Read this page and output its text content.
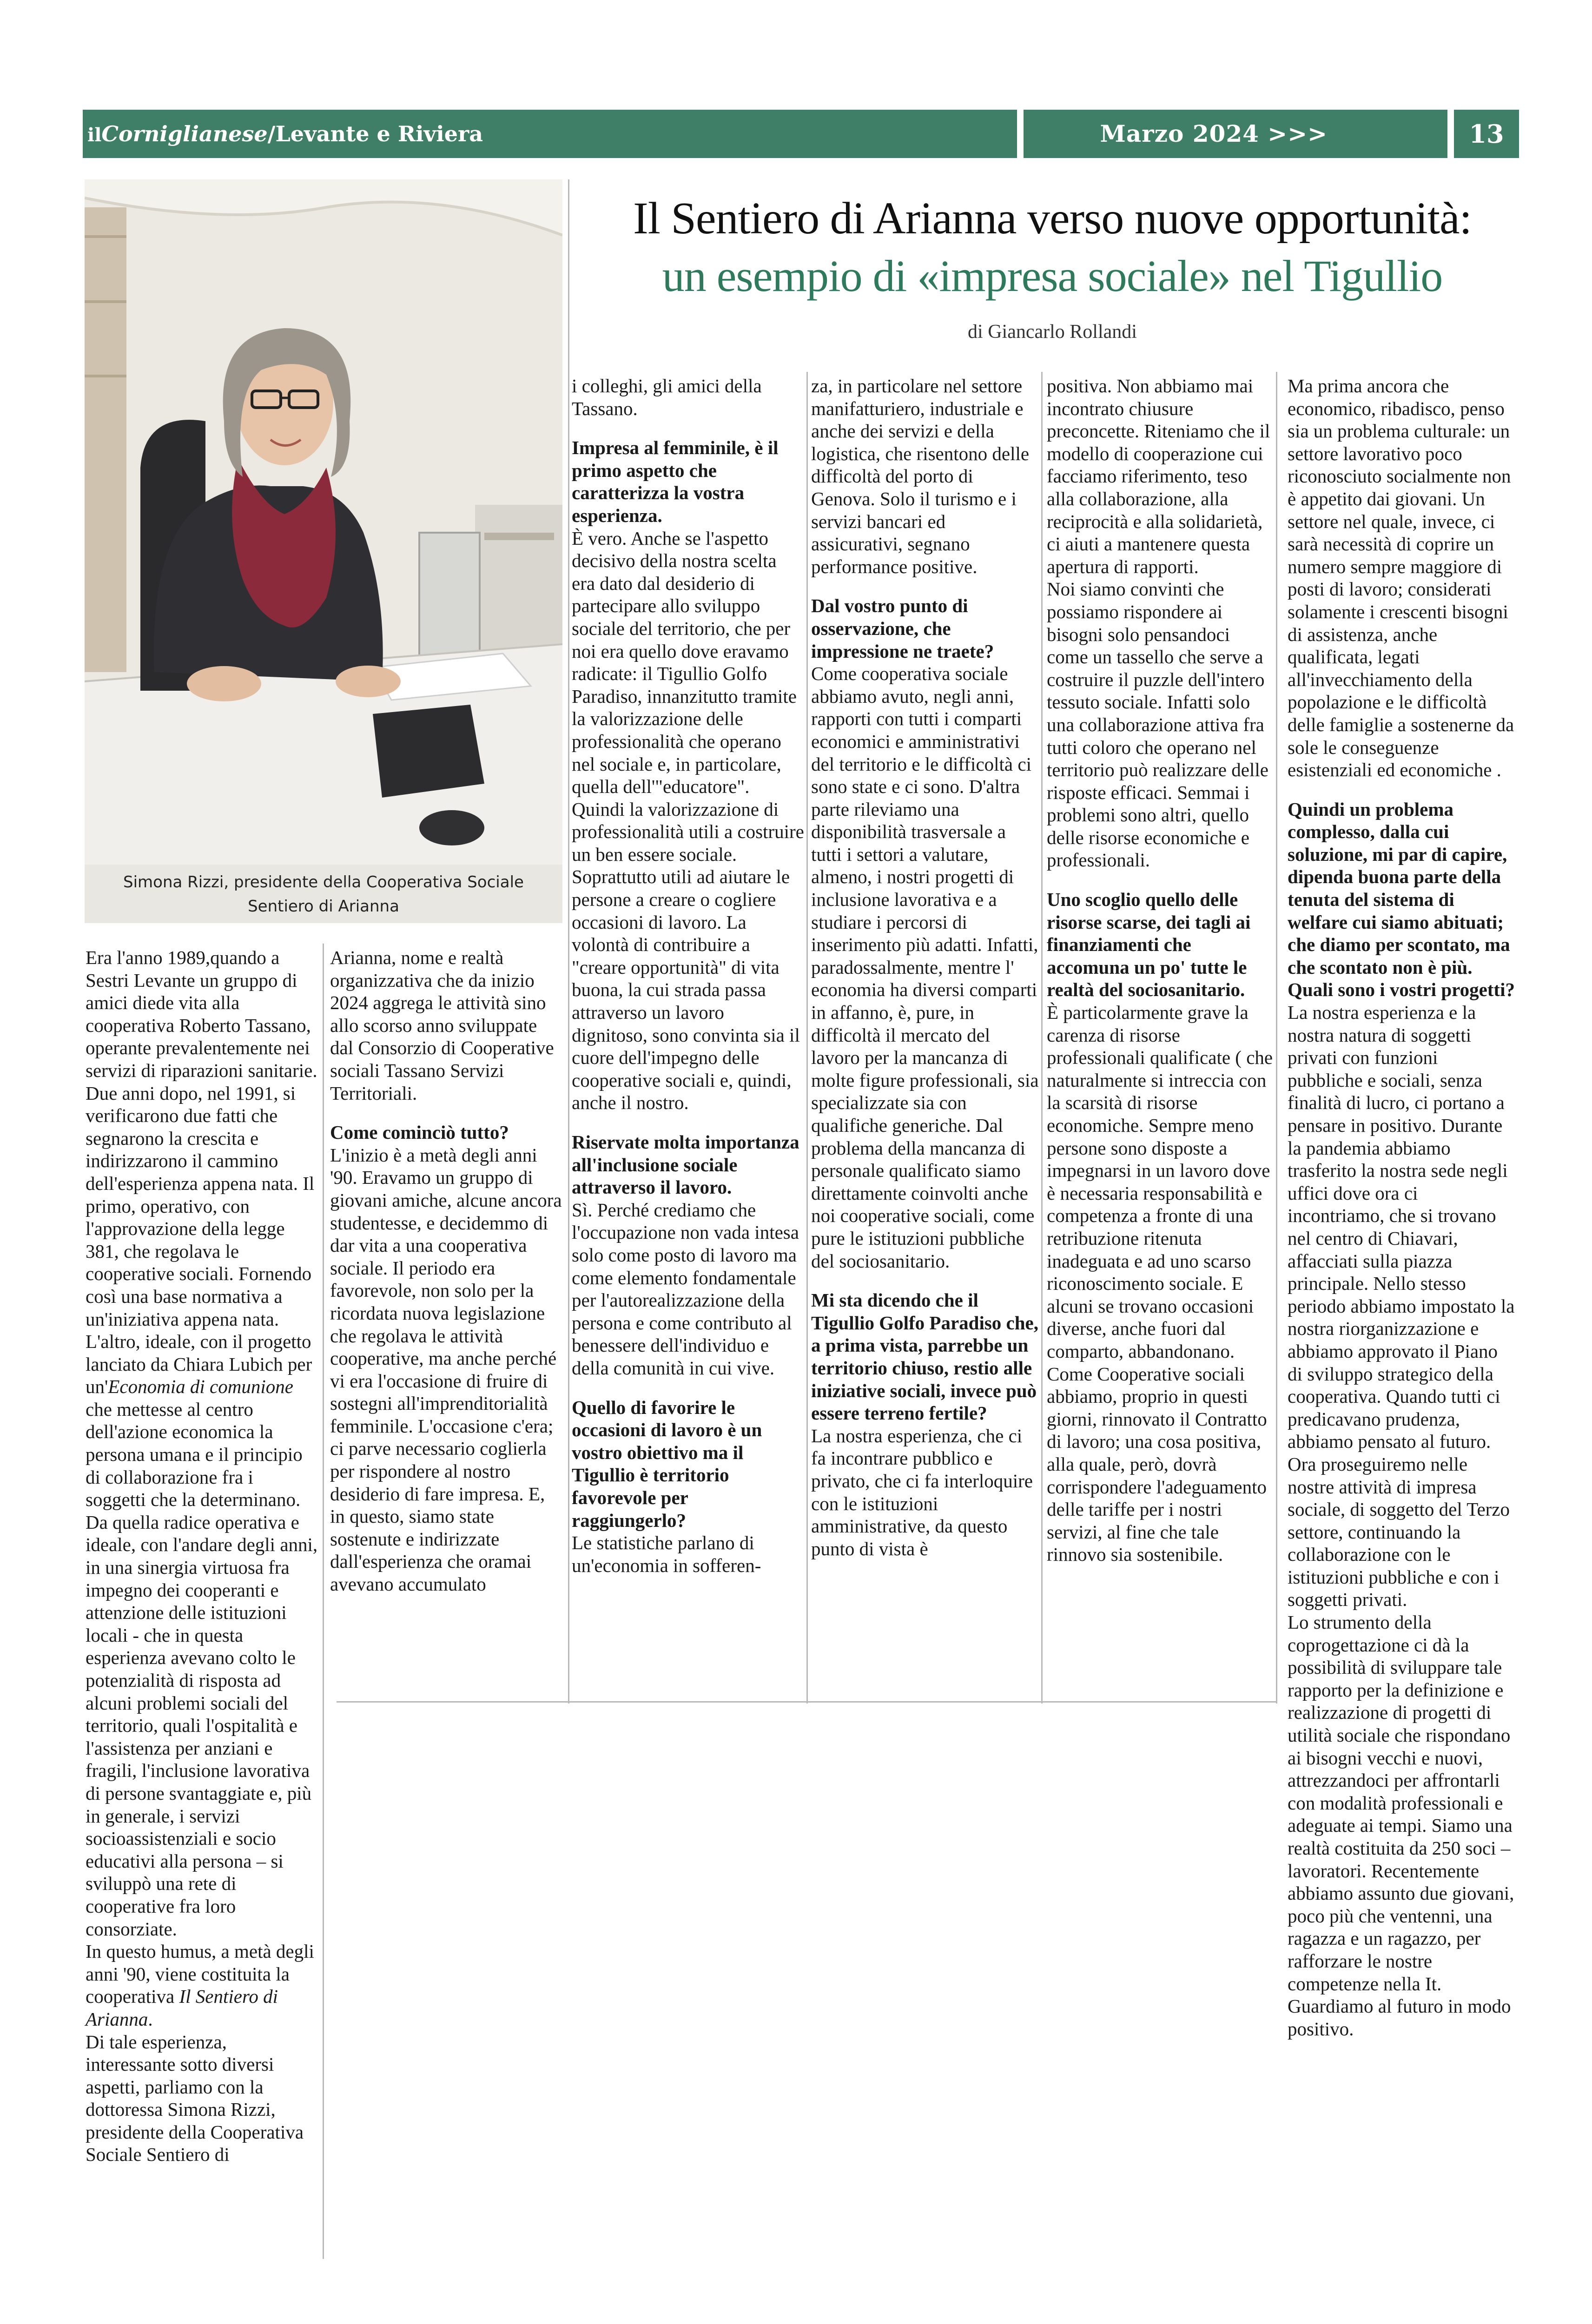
ilCorniglianese/Levante e Riviera	Marzo 2024 >>>	13
Simona Rizzi, presidente della Cooperativa Sociale
Sentiero di Arianna
Il Sentiero di Arianna verso nuove opportunità:
un esempio di «impresa sociale» nel Tigullio
di Giancarlo Rollandi

Era l'anno 1989,quando a Sestri Levante un gruppo di amici diede vita alla cooperativa Roberto Tassano, operante prevalentemente nei servizi di riparazioni sanitarie. Due anni dopo, nel 1991, si verificarono due fatti che segnarono la crescita e indirizzarono il cammino dell'esperienza appena nata. Il primo, operativo, con l'approvazione della legge 381, che regolava le cooperative sociali. Fornendo così una base normativa a un'iniziativa appena nata. L'altro, ideale, con il progetto lanciato da Chiara Lubich per un'Economia di comunione che mettesse al centro dell'azione economica la persona umana e il principio di collaborazione fra i soggetti che la determinano. Da quella radice operativa e ideale, con l'andare degli anni, in una sinergia virtuosa fra impegno dei cooperanti e attenzione delle istituzioni locali - che in questa esperienza avevano colto le potenzialità di risposta ad alcuni problemi sociali del territorio, quali l'ospitalità e l'assistenza per anziani e fragili, l'inclusione lavorativa di persone svantaggiate e, più in generale, i servizi socioassistenziali e socio educativi alla persona – si sviluppò una rete di cooperative fra loro consorziate.

In questo humus, a metà degli anni '90, viene costituita la cooperativa Il Sentiero di Arianna.

Di tale esperienza, interessante sotto diversi aspetti, parliamo con la dottoressa Simona Rizzi, presidente della Cooperativa Sociale Sentiero di

Arianna, nome e realtà organizzativa che da inizio 2024 aggrega le attività sino allo scorso anno sviluppate dal Consorzio di Cooperative sociali Tassano Servizi Territoriali.

Come cominciò tutto?

L'inizio è a metà degli anni '90. Eravamo un gruppo di giovani amiche, alcune ancora studentesse, e decidemmo di dar vita a una cooperativa sociale. Il periodo era favorevole, non solo per la ricordata nuova legislazione che regolava le attività cooperative, ma anche perché vi era l'occasione di fruire di sostegni all'imprenditorialità femminile. L'occasione c'era; ci parve necessario coglierla per rispondere al nostro desiderio di fare impresa. E, in questo, siamo state sostenute e indirizzate dall'esperienza che oramai avevano accumulato

i colleghi, gli amici della Tassano.

Impresa al femminile, è il primo aspetto che caratterizza la vostra esperienza.

È vero. Anche se l'aspetto decisivo della nostra scelta era dato dal desiderio di partecipare allo sviluppo sociale del territorio, che per noi era quello dove eravamo radicate: il Tigullio Golfo Paradiso, innanzitutto tramite la valorizzazione delle professionalità che operano nel sociale e, in particolare, quella dell'"educatore". Quindi la valorizzazione di professionalità utili a costruire un ben essere sociale. Soprattutto utili ad aiutare le persone a creare o cogliere occasioni di lavoro. La volontà di contribuire a "creare opportunità" di vita buona, la cui strada passa attraverso un lavoro dignitoso, sono convinta sia il cuore dell'impegno delle cooperative sociali e, quindi, anche il nostro.

Riservate molta importanza all'inclusione sociale attraverso il lavoro.

Sì. Perché crediamo che l'occupazione non vada intesa solo come posto di lavoro ma come elemento fondamentale per l'autorealizzazione della persona e come contributo al benessere dell'individuo e della comunità in cui vive.

Quello di favorire le occasioni di lavoro è un vostro obiettivo ma il Tigullio è territorio favorevole per raggiungerlo?

Le statistiche parlano di un'economia in sofferen-

za, in particolare nel settore manifatturiero, industriale e anche dei servizi e della logistica, che risentono delle difficoltà del porto di Genova. Solo il turismo e i servizi bancari ed assicurativi, segnano performance positive.

Dal vostro punto di osservazione, che impressione ne traete?

Come cooperativa sociale abbiamo avuto, negli anni, rapporti con tutti i comparti economici e amministrativi del territorio e le difficoltà ci sono state e ci sono. D'altra parte rileviamo una disponibilità trasversale a tutti i settori a valutare, almeno, i nostri progetti di inclusione lavorativa e a studiare i percorsi di inserimento più adatti. Infatti, paradossalmente, mentre l' economia ha diversi comparti in affanno, è, pure, in difficoltà il mercato del lavoro per la mancanza di molte figure professionali, sia specializzate sia con qualifiche generiche. Dal problema della mancanza di personale qualificato siamo direttamente coinvolti anche noi cooperative sociali, come pure le istituzioni pubbliche del sociosanitario.

Mi sta dicendo che il Tigullio Golfo Paradiso che, a prima vista, parrebbe un territorio chiuso, restio alle iniziative sociali, invece può essere terreno fertile?

La nostra esperienza, che ci fa incontrare pubblico e privato, che ci fa interloquire con le istituzioni amministrative, da questo punto di vista è

positiva. Non abbiamo mai incontrato chiusure preconcette. Riteniamo che il modello di cooperazione cui facciamo riferimento, teso alla collaborazione, alla reciprocità e alla solidarietà, ci aiuti a mantenere questa apertura di rapporti.

Noi siamo convinti che possiamo rispondere ai bisogni solo pensandoci come un tassello che serve a costruire il puzzle dell'intero tessuto sociale. Infatti solo una collaborazione attiva fra tutti coloro che operano nel territorio può realizzare delle risposte efficaci. Semmai i problemi sono altri, quello delle risorse economiche e professionali.

Uno scoglio quello delle risorse scarse, dei tagli ai finanziamenti che accomuna un po' tutte le realtà del sociosanitario.

È particolarmente grave la carenza di risorse professionali qualificate ( che naturalmente si intreccia con la scarsità di risorse economiche. Sempre meno persone sono disposte a impegnarsi in un lavoro dove è necessaria responsabilità e competenza a fronte di una retribuzione ritenuta inadeguata e ad uno scarso riconoscimento sociale. E alcuni se trovano occasioni diverse, anche fuori dal comparto, abbandonano. Come Cooperative sociali abbiamo, proprio in questi giorni, rinnovato il Contratto di lavoro; una cosa positiva, alla quale, però, dovrà corrispondere l'adeguamento delle tariffe per i nostri servizi, al fine che tale rinnovo sia sostenibile.

Ma prima ancora che economico, ribadisco, penso sia un problema culturale: un settore lavorativo poco riconosciuto socialmente non è appetito dai giovani. Un settore nel quale, invece, ci sarà necessità di coprire un numero sempre maggiore di posti di lavoro; considerati solamente i crescenti bisogni di assistenza, anche qualificata, legati all'invecchiamento della popolazione e le difficoltà delle famiglie a sostenerne da sole le conseguenze esistenziali ed economiche .

Quindi un problema complesso, dalla cui soluzione, mi par di capire, dipenda buona parte della tenuta del sistema di welfare cui siamo abituati; che diamo per scontato, ma che scontato non è più. Quali sono i vostri progetti?

La nostra esperienza e la nostra natura di soggetti privati con funzioni pubbliche e sociali, senza finalità di lucro, ci portano a pensare in positivo. Durante la pandemia abbiamo trasferito la nostra sede negli uffici dove ora ci incontriamo, che si trovano nel centro di Chiavari, affacciati sulla piazza principale. Nello stesso periodo abbiamo impostato la nostra riorganizzazione e abbiamo approvato il Piano di sviluppo strategico della cooperativa. Quando tutti ci predicavano prudenza, abbiamo pensato al futuro.

Ora proseguiremo nelle nostre attività di impresa sociale, di soggetto del Terzo settore, continuando la collaborazione con le istituzioni pubbliche e con i soggetti privati.

Lo strumento della coprogettazione ci dà la possibilità di sviluppare tale rapporto per la definizione e realizzazione di progetti di utilità sociale che rispondano ai bisogni vecchi e nuovi, attrezzandoci per affrontarli con modalità professionali e adeguate ai tempi. Siamo una realtà costituita da 250 soci – lavoratori. Recentemente abbiamo assunto due giovani, poco più che ventenni, una ragazza e un ragazzo, per rafforzare le nostre competenze nella It. Guardiamo al futuro in modo positivo.
